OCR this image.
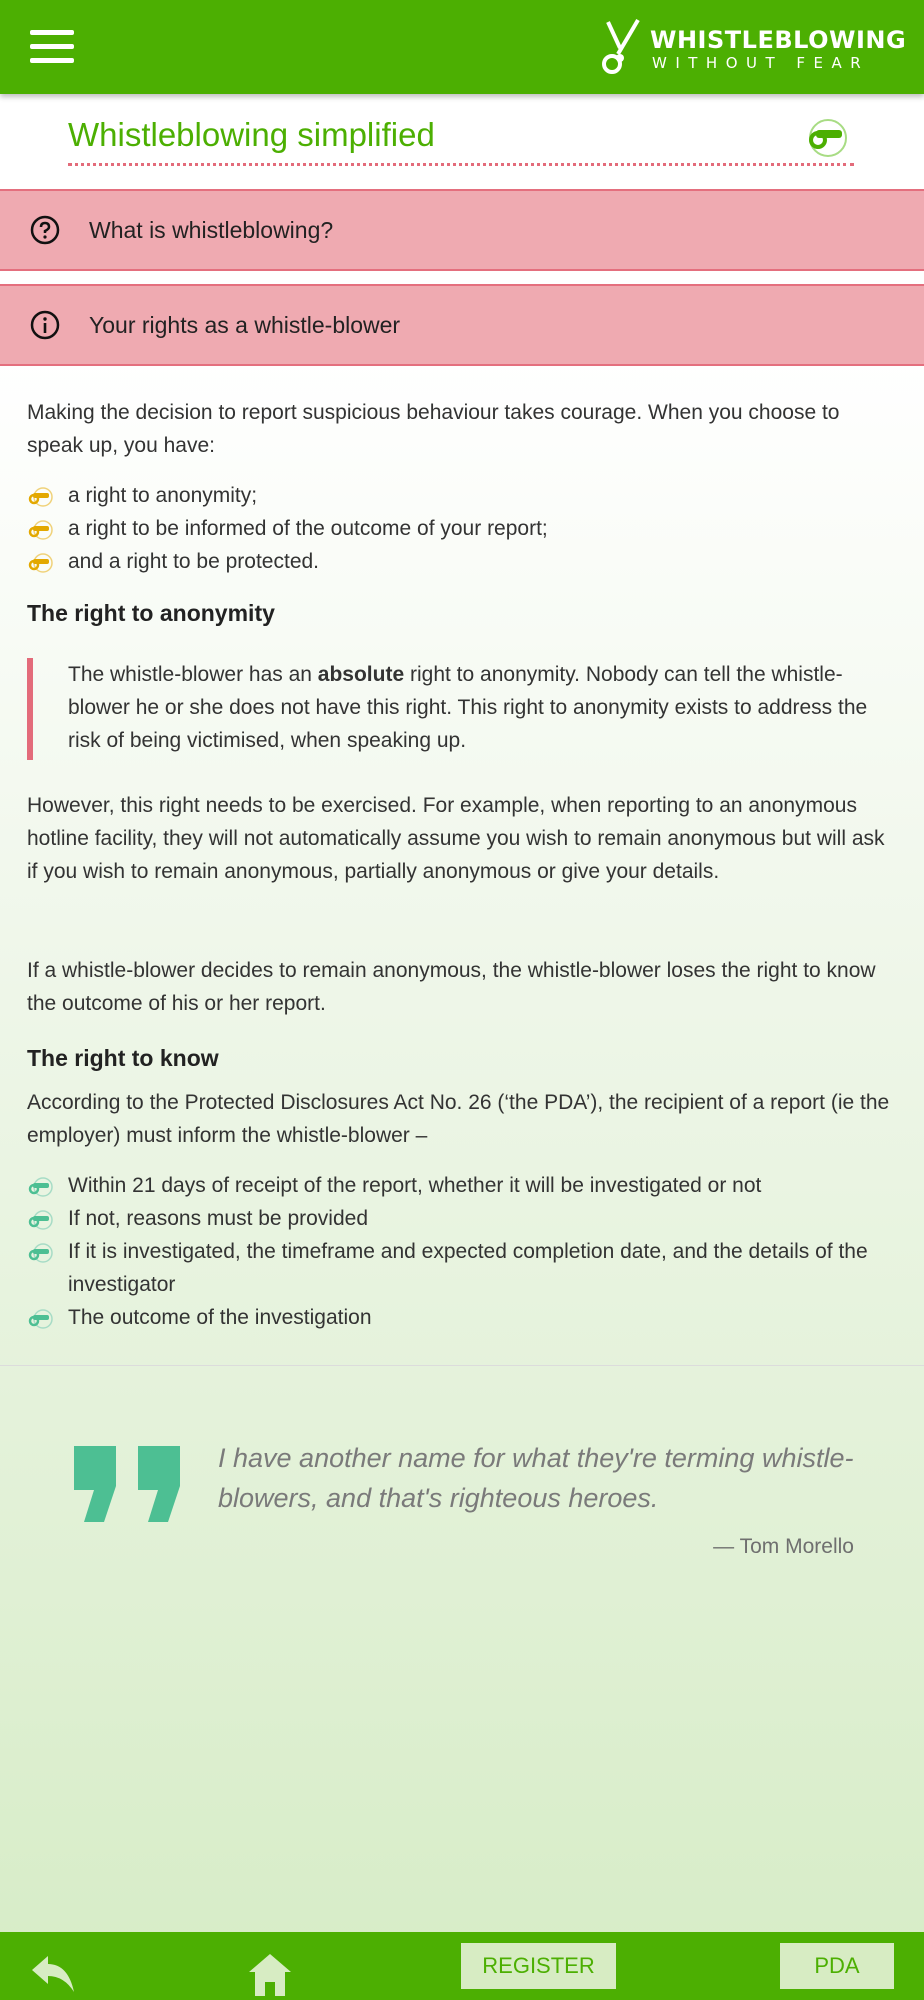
WHISTLEBLOWING
WITHOUT FEAR
Whistleblowing simplified
What is whistleblowing?
Your rights as a whistle-blower

Making the decision to report suspicious behaviour takes courage. When you choose to speak up, you have:

a right to anonymity;
a right to be informed of the outcome of your report;
and a right to be protected.
The right to anonymity

The whistle-blower has an absolute right to anonymity. Nobody can tell the whistle-blower he or she does not have this right. This right to anonymity exists to address the risk of being victimised, when speaking up.

However, this right needs to be exercised. For example, when reporting to an anonymous hotline facility, they will not automatically assume you wish to remain anonymous but will ask if you wish to remain anonymous, partially anonymous or give your details.

If a whistle-blower decides to remain anonymous, the whistle-blower loses the right to know the outcome of his or her report.

The right to know

According to the Protected Disclosures Act No. 26 (‘the PDA’), the recipient of a report (ie the employer) must inform the whistle-blower –

Within 21 days of receipt of the report, whether it will be investigated or not
If not, reasons must be provided
If it is investigated, the timeframe and expected completion date, and the details of the investigator
The outcome of the investigation

I have another name for what they're terming whistle-blowers, and that's righteous heroes.

— Tom Morello
REGISTER	PDA
